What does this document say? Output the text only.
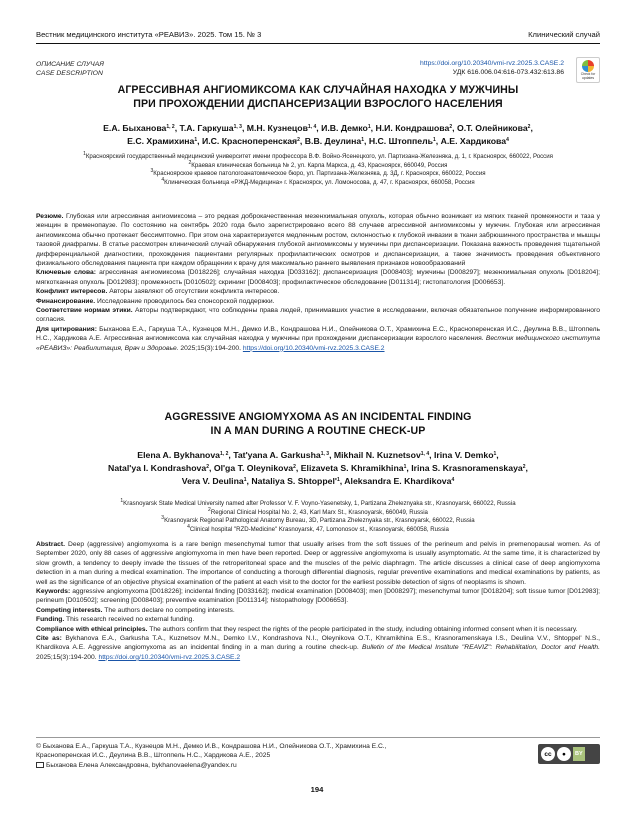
Вестник медицинского института «РЕАВИЗ». 2025. Том 15. № 3	Клинический случай
ОПИСАНИЕ СЛУЧАЯ
CASE DESCRIPTION
https://doi.org/10.20340/vmi-rvz.2025.3.CASE.2
УДК 616.006.04:616-073.432:613.86	Check for updates
АГРЕССИВНАЯ АНГИОМИКСОМА КАК СЛУЧАЙНАЯ НАХОДКА У МУЖЧИНЫ
ПРИ ПРОХОЖДЕНИИ ДИСПАНСЕРИЗАЦИИ ВЗРОСЛОГО НАСЕЛЕНИЯ
Е.А. Быханова$^{1, 2}$, Т.А. Гаркуша$^{1, 3}$, М.Н. Кузнецов$^{1, 4}$, И.В. Демко$^1$, Н.И. Кондрашова$^2$, О.Т. Олейникова$^2$,
Е.С. Храмихина$^1$, И.С. Красноперенская$^2$, В.В. Деулина$^1$, Н.С. Штоппель$^1$, А.Е. Хардикова$^4$
$^1$Красноярский государственный медицинский университет имени профессора В.Ф. Войно-Ясенецкого, ул. Партизана-Железняка, д. 1, г. Красноярск, 660022, Россия
$^2$Краевая клиническая больница № 2, ул. Карла Маркса, д. 43, Красноярск, 660049, Россия
$^3$Красноярское краевое патологоанатомическое бюро, ул. Партизана-Железняка, д. 3Д, г. Красноярск, 660022, Россия
$^4$Клиническая больница «РЖД-Медицина» г. Красноярск, ул. Ломоносова, д. 47, г. Красноярск, 660058, Россия
Резюме. Глубокая или агрессивная ангиомиксома – это редкая доброкачественная мезенхимальная опухоль, которая обычно возникает из мягких тканей промежности и таза у женщин в пременопаузе. По состоянию на сентябрь 2020 года было зарегистрировано всего 88 случаев агрессивной ангиомиксомы у мужчин. Глубокая или агрессивная ангиомиксома обычно протекает бессимптомно. При этом она характеризуется медленным ростом, склонностью к глубокой инвазии в ткани забрюшинного пространства и мышцы тазовой диафрагмы. В статье рассмотрен клинический случай обнаружения глубокой ангиомиксомы у мужчины при диспансеризации. Показана важность проведения тщательной дифференциальной диагностики, прохождения пациентами регулярных профилактических осмотров и диспансеризации, а также значимость проведения объективного физикального обследования пациента при каждом обращении к врачу для максимально раннего выявления признаков новообразований
Ключевые слова: агрессивная ангиомиксома [D018226]; случайная находка [D033162]; диспансеризация [D008403]; мужчины [D008297]; мезенхимальная опухоль [D018204]; мягкотканная опухоль [D012983]; промежность [D010502]; скрининг [D008403]; профилактическое обследование [D011314]; гистопатология [D006653].
Конфликт интересов. Авторы заявляют об отсутствии конфликта интересов.
Финансирование. Исследование проводилось без спонсорской поддержки.
Соответствие нормам этики. Авторы подтверждают, что соблюдены права людей, принимавших участие в исследовании, включая обязательное получение информированного согласия.
Для цитирования: Быханова Е.А., Гаркуша Т.А., Кузнецов М.Н., Демко И.В., Кондрашова Н.И., Олейникова О.Т., Храмихина Е.С., Красноперенская И.С., Деулина В.В., Штоппель Н.С., Хардикова А.Е. Агрессивная ангиомиксома как случайная находка у мужчины при прохождении диспансеризации взрослого населения. Вестник медицинского института «РЕАВИЗ»: Реабилитация, Врач и Здоровье. 2025;15(3):194-200. https://doi.org/10.20340/vmi-rvz.2025.3.CASE.2
AGGRESSIVE ANGIOMYXOMA AS AN INCIDENTAL FINDING
IN A MAN DURING A ROUTINE CHECK-UP
Elena A. Bykhanova$^{1, 2}$, Tat'yana A. Garkusha$^{1, 3}$, Mikhail N. Kuznetsov$^{1, 4}$, Irina V. Demko$^1$,
Natal'ya I. Kondrashova$^2$, Ol'ga T. Oleynikova$^2$, Elizaveta S. Khramikhina$^1$, Irina S. Krasnoramenskaya$^2$,
Vera V. Deulina$^1$, Nataliya S. $Shtoppel'^1$, Aleksandra E. Khardikova$^4$
$^1$Krasnoyarsk State Medical University named after Professor V. F. Voyno-Yasenetsky, 1, Partizana Zheleznyaka str., Krasnoyarsk, 660022, Russia
$^2$Regional Clinical Hospital No. 2, 43, Karl Marx St., Krasnoyarsk, 660049, Russia
$^3$Krasnoyarsk Regional Pathological Anatomy Bureau, 3D, Partizana Zheleznyaka str., Krasnoyarsk, 660022, Russia
$^4$Clinical hospital "RZD-Medicine" Krasnoyarsk, 47, Lomonosov st., Krasnoyarsk, 660058, Russia
Abstract. Deep (aggressive) angiomyxoma is a rare benign mesenchymal tumor that usually arises from the soft tissues of the perineum and pelvis in premenopausal women. As of September 2020, only 88 cases of aggressive angiomyxoma in men have been reported. Deep or aggressive angiomyxoma is usually asymptomatic. At the same time, it is characterized by slow growth, a tendency to deeply invade the tissues of the retroperitoneal space and the muscles of the pelvic diaphragm. The article discusses a clinical case of deep angiomyxoma detection in a man during a medical examination. The importance of conducting a thorough differential diagnosis, regular preventive examinations and medical examinations by patients, as well as the significance of an objective physical examination of the patient at each visit to the doctor for the earliest possible detection of signs of neoplasms is shown.
Keywords: aggressive angiomyxoma [D018226]; incidental finding [D033162]; medical examination [D008403]; men [D008297]; mesenchymal tumor [D018204]; soft tissue tumor [D012983]; perineum [D010502]; screening [D008403]; preventive examination [D011314]; histopathology [D006653].
Competing interests. The authors declare no competing interests.
Funding. This research received no external funding.
Compliance with ethical principles. The authors confirm that they respect the rights of the people participated in the study, including obtaining informed consent when it is necessary.
Cite as: Bykhanova E.A., Garkusha T.A., Kuznetsov M.N., Demko I.V., Kondrashova N.I., Oleynikova O.T., Khramikhina E.S., Krasnoramenskaya I.S., Deulina V.V., Shtoppel' N.S., Khardikova A.E. Aggressive angiomyxoma as an incidental finding in a man during a routine check-up. Bulletin of the Medical Institute "REAVIZ": Rehabilitation, Doctor and Health. 2025;15(3):194-200. https://doi.org/10.20340/vmi-rvz.2025.3.CASE.2
© Быханова Е.А., Гаркуша Т.А., Кузнецов М.Н., Демко И.В., Кондрашова Н.И., Олейникова О.Т., Храмихина Е.С.,
Красноперенская И.С., Деулина В.В., Штоппель Н.С., Хардикова А.Е., 2025
Быханова Елена Александровна, bykhanovaelena@yandex.ru
cc	●	BY
194
